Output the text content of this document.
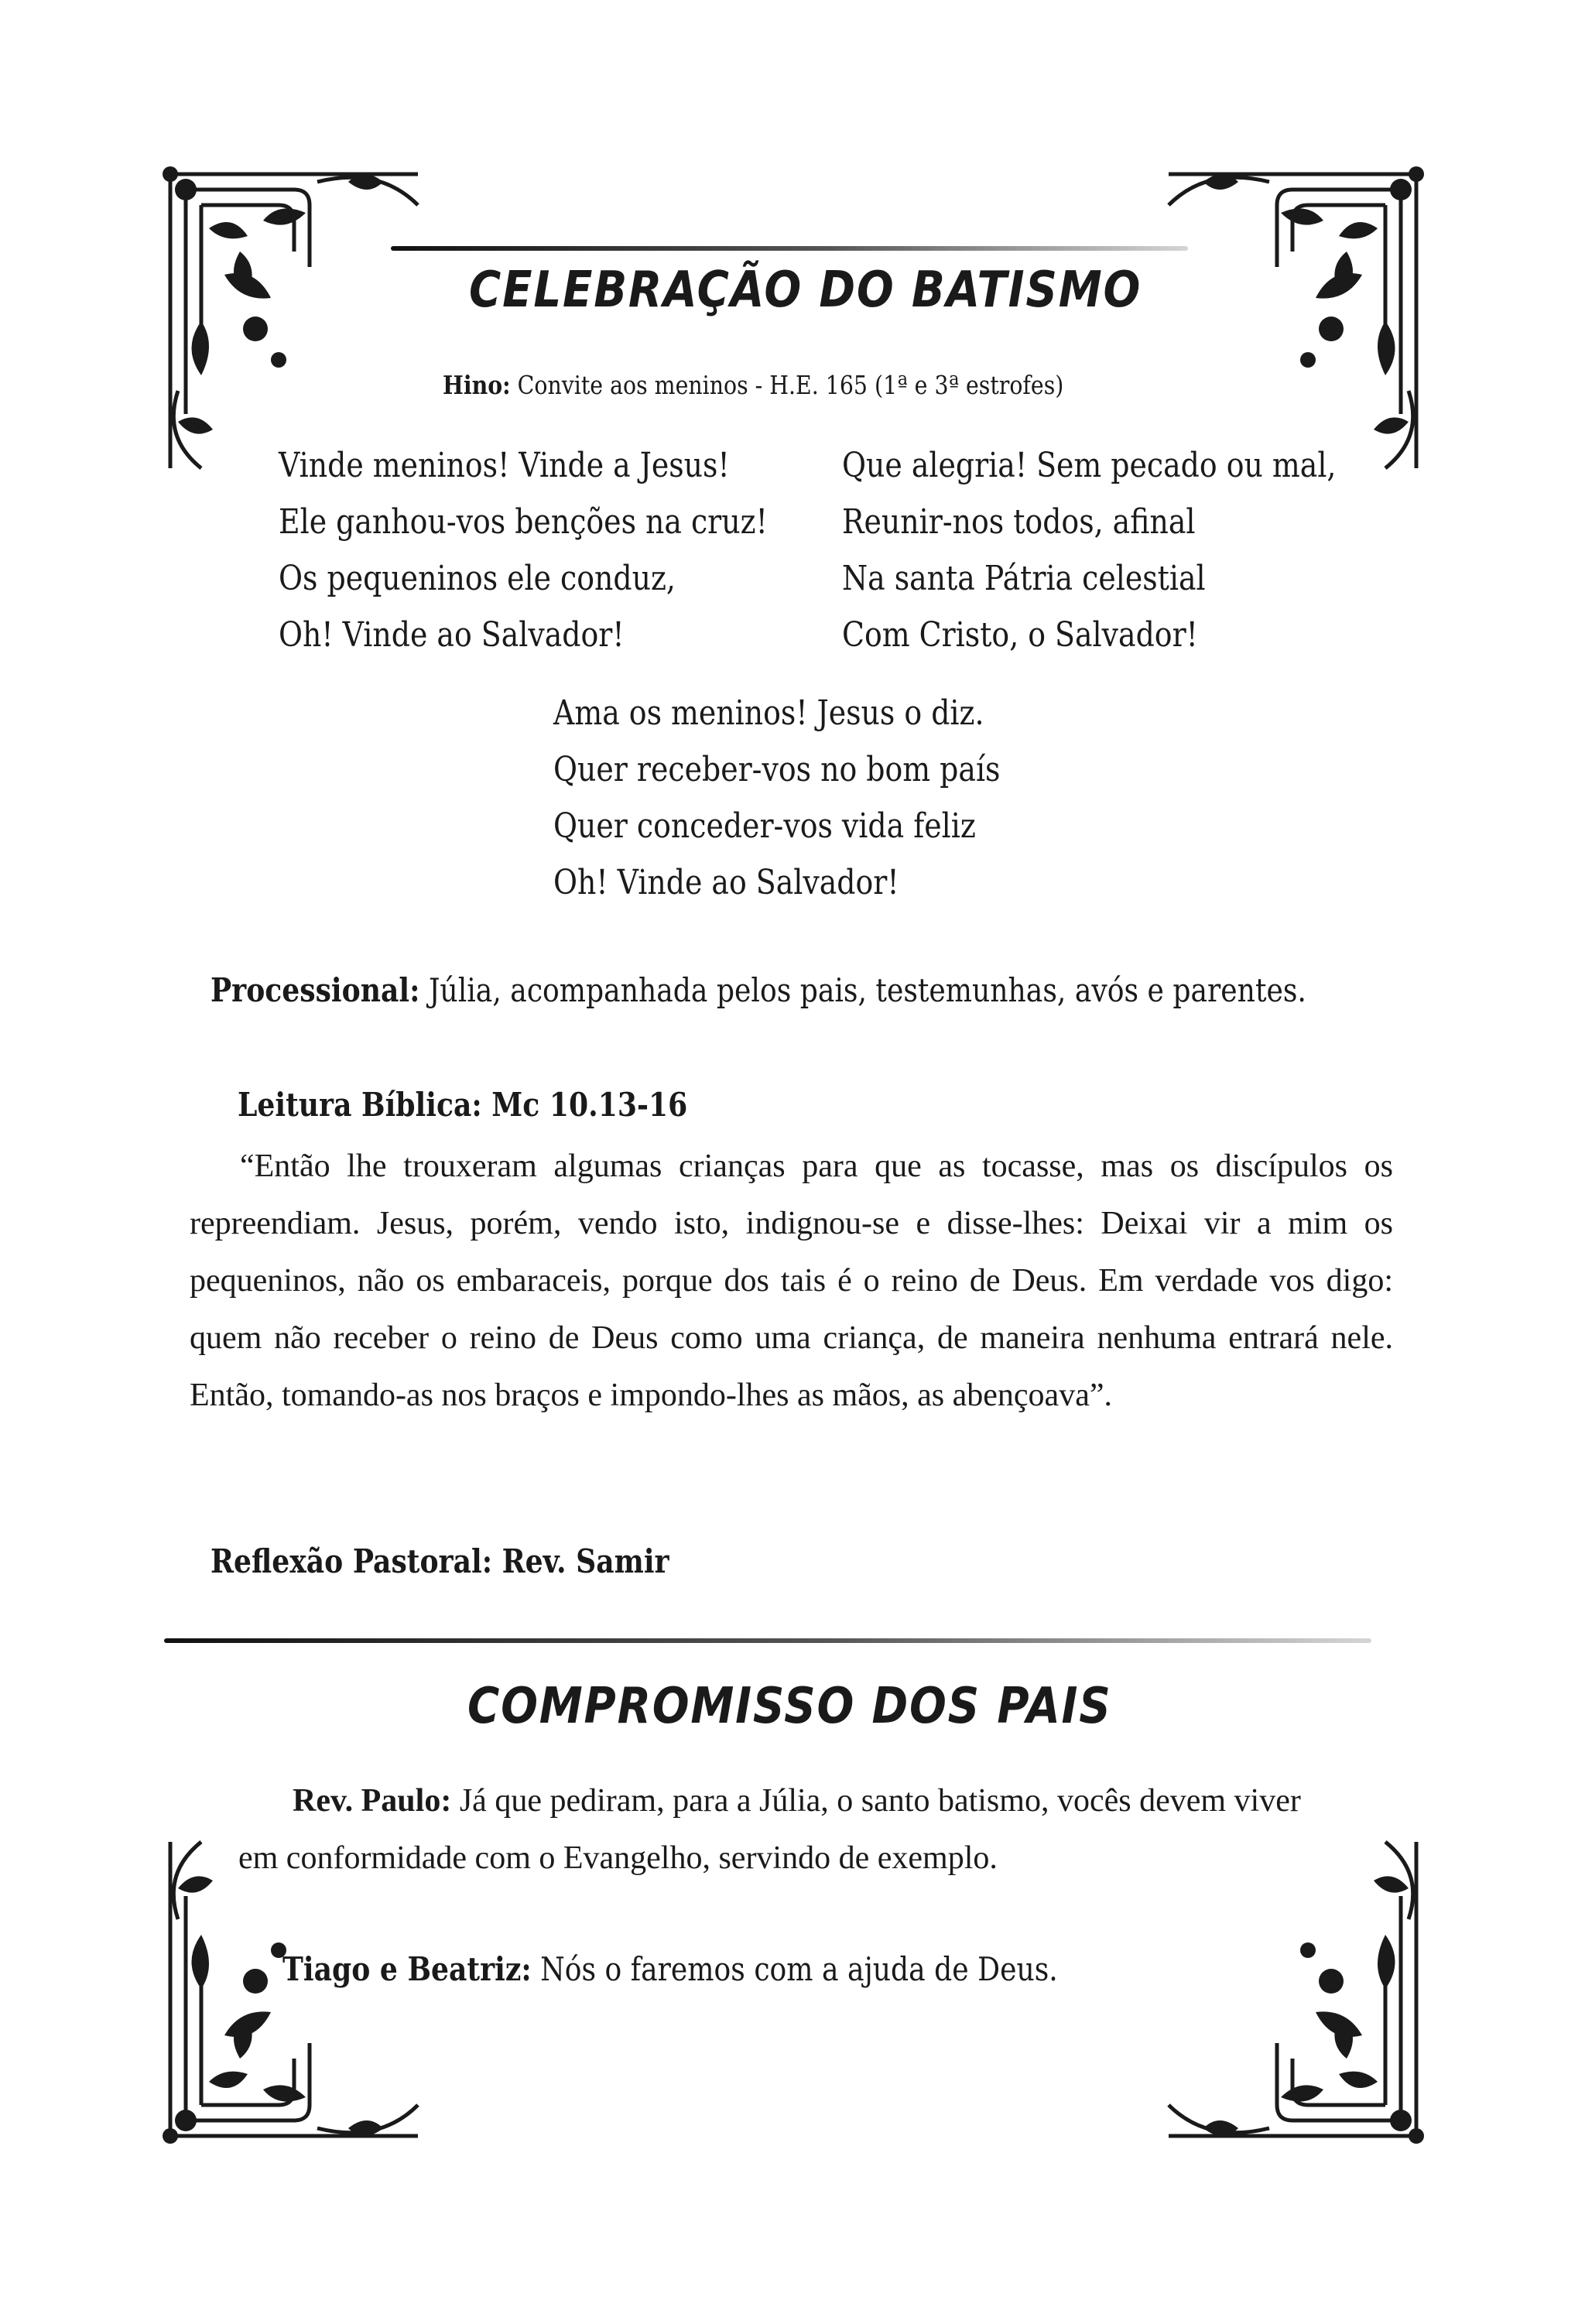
CELEBRAÇÃO DO BATISMO
Hino: Convite aos meninos - H.E. 165 (1ª e 3ª estrofes)
Vinde meninos! Vinde a Jesus!
Ele ganhou-vos benções na cruz!
Os pequeninos ele conduz,
Oh! Vinde ao Salvador!
Que alegria! Sem pecado ou mal,
Reunir-nos todos, afinal
Na santa Pátria celestial
Com Cristo, o Salvador!
Ama os meninos! Jesus o diz.
Quer receber-vos no bom país
Quer conceder-vos vida feliz
Oh! Vinde ao Salvador!
Processional: Júlia, acompanhada pelos pais, testemunhas, avós e parentes.
Leitura Bíblica: Mc 10.13-16
“Então lhe trouxeram algumas crianças para que as tocasse, mas os discípulos os repreendiam. Jesus, porém, vendo isto, indignou-se e disse-lhes: Deixai vir a mim os pequeninos, não os embaraceis, porque dos tais é o reino de Deus. Em verdade vos digo: quem não receber o reino de Deus como uma criança, de maneira nenhuma entrará nele. Então, tomando-as nos braços e impondo-lhes as mãos, as abençoava”.
Reflexão Pastoral: Rev. Samir
COMPROMISSO DOS PAIS
Rev. Paulo: Já que pediram, para a Júlia, o santo batismo, vocês devem viver em conformidade com o Evangelho, servindo de exemplo.
Tiago e Beatriz: Nós o faremos com a ajuda de Deus.
